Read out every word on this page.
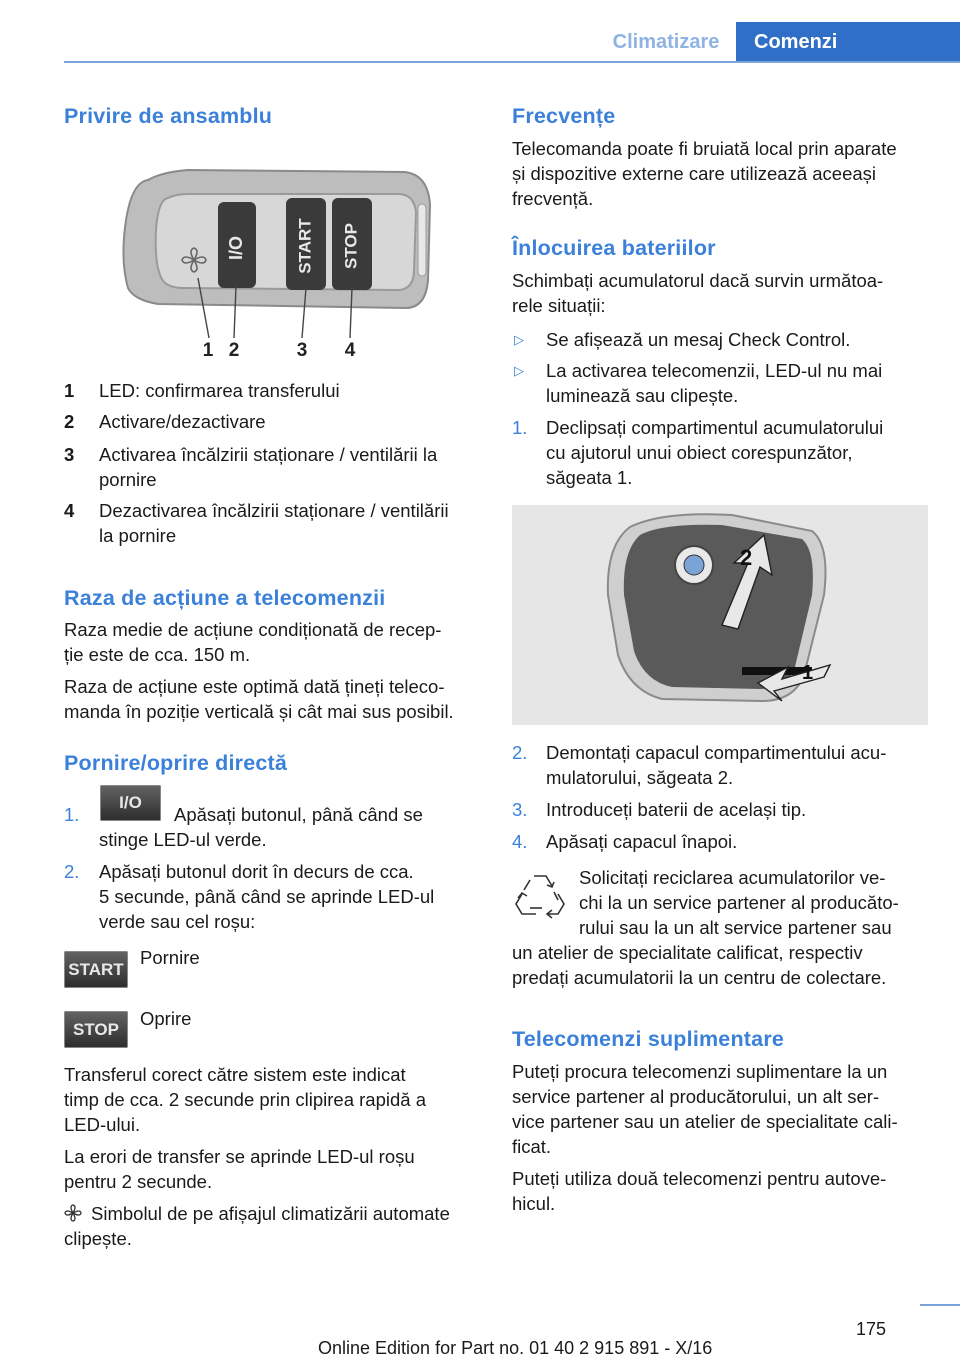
Climatizare	Comenzi
Privire de ansamblu
I/O	START STOP
1 2	3 4
1 LED: confirmarea transferului
2 Activare/dezactivare
3 Activarea încălzirii staționare / ventilării la
pornire
4 Dezactivarea încălzirii staționare / ventilării
la pornire
Raza de acțiune a telecomenzii
Raza medie de acțiune condiționată de recep‐
ție este de cca. 150 m.
Raza de acțiune este optimă dată țineți teleco‐
manda în poziție verticală și cât mai sus posibil.
Pornire/oprire directă
1.
I/O
Apăsați butonul, până când se
stinge LED-ul verde.
2. Apăsați butonul dorit în decurs de cca.
5 secunde, până când se aprinde LED-ul
verde sau cel roșu:
START
Pornire
STOP	Oprire
Transferul corect către sistem este indicat
timp de cca. 2 secunde prin clipirea rapidă a
LED-ului.
La erori de transfer se aprinde LED-ul roșu
pentru 2 secunde.
Simbolul de pe afișajul climatizării automate
clipește.
Frecvențe
Telecomanda poate fi bruiată local prin aparate
și dispozitive externe care utilizează aceeași
frecvență.
Înlocuirea bateriilor
Schimbați acumulatorul dacă survin următoa‐
rele situații:
▷ Se afișează un mesaj Check Control.
▷ La activarea telecomenzii, LED-ul nu mai
luminează sau clipește.
1. Declipsați compartimentul acumulatorului
cu ajutorul unui obiect corespunzător,
săgeata 1.
2
1
2. Demontați capacul compartimentului acu‐
mulatorului, săgeata 2.
3. Introduceți baterii de același tip.
4. Apăsați capacul înapoi.
Solicitați reciclarea acumulatorilor ve‐
chi la un service partener al producăto‐
rului sau la un alt service partener sau
un atelier de specialitate calificat, respectiv
predați acumulatorii la un centru de colectare.
Telecomenzi suplimentare
Puteți procura telecomenzi suplimentare la un
service partener al producătorului, un alt ser‐
vice partener sau un atelier de specialitate cali‐
ficat.
Puteți utiliza două telecomenzi pentru autove‐
hicul.
175
Online Edition for Part no. 01 40 2 915 891 - X/16
